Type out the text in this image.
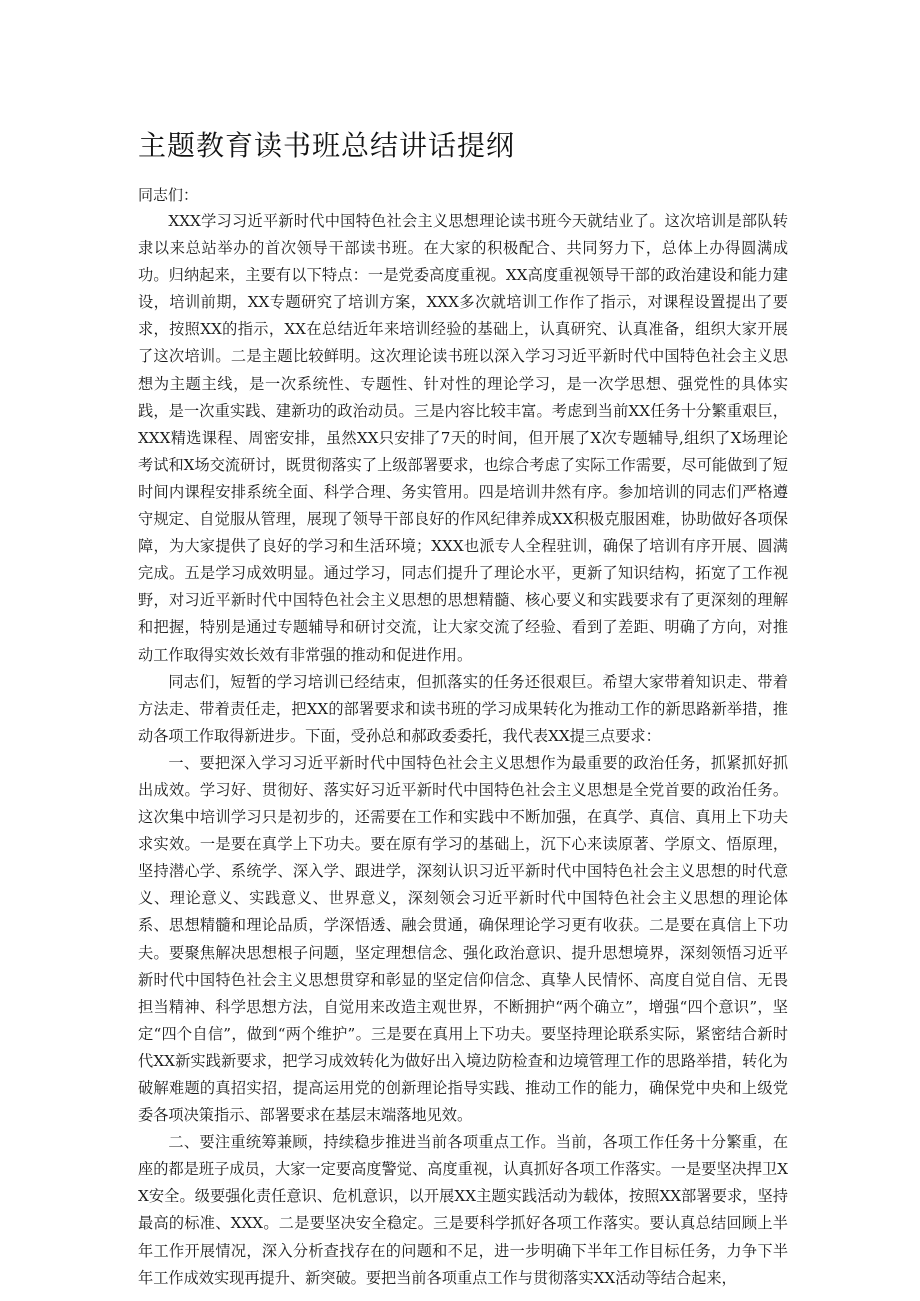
主题教育读书班总结讲话提纲

同志们：

XXX学习习近平新时代中国特色社会主义思想理论读书班今天就结业了。这次培训是部队转隶以来总站举办的首次领导干部读书班。在大家的积极配合、共同努力下，总体上办得圆满成功。归纳起来，主要有以下特点：一是党委高度重视。XX高度重视领导干部的政治建设和能力建设，培训前期，XX专题研究了培训方案，XXX多次就培训工作作了指示，对课程设置提出了要求，按照XX的指示，XX在总结近年来培训经验的基础上，认真研究、认真准备，组织大家开展了这次培训。二是主题比较鲜明。这次理论读书班以深入学习习近平新时代中国特色社会主义思想为主题主线，是一次系统性、专题性、针对性的理论学习，是一次学思想、强党性的具体实践，是一次重实践、建新功的政治动员。三是内容比较丰富。考虑到当前XX任务十分繁重艰巨，XXX精选课程、周密安排，虽然XX只安排了7天的时间，但开展了X次专题辅导,组织了X场理论考试和X场交流研讨，既贯彻落实了上级部署要求，也综合考虑了实际工作需要，尽可能做到了短时间内课程安排系统全面、科学合理、务实管用。四是培训井然有序。参加培训的同志们严格遵守规定、自觉服从管理，展现了领导干部良好的作风纪律养成XX积极克服困难，协助做好各项保障，为大家提供了良好的学习和生活环境；XXX也派专人全程驻训，确保了培训有序开展、圆满完成。五是学习成效明显。通过学习，同志们提升了理论水平，更新了知识结构，拓宽了工作视野，对习近平新时代中国特色社会主义思想的思想精髓、核心要义和实践要求有了更深刻的理解和把握，特别是通过专题辅导和研讨交流，让大家交流了经验、看到了差距、明确了方向，对推动工作取得实效长效有非常强的推动和促进作用。

同志们，短暂的学习培训已经结束，但抓落实的任务还很艰巨。希望大家带着知识走、带着方法走、带着责任走，把XX的部署要求和读书班的学习成果转化为推动工作的新思路新举措，推动各项工作取得新进步。下面，受孙总和郝政委委托，我代表XX提三点要求：

一、要把深入学习习近平新时代中国特色社会主义思想作为最重要的政治任务，抓紧抓好抓出成效。学习好、贯彻好、落实好习近平新时代中国特色社会主义思想是全党首要的政治任务。这次集中培训学习只是初步的，还需要在工作和实践中不断加强，在真学、真信、真用上下功夫求实效。一是要在真学上下功夫。要在原有学习的基础上，沉下心来读原著、学原文、悟原理，坚持潜心学、系统学、深入学、跟进学，深刻认识习近平新时代中国特色社会主义思想的时代意义、理论意义、实践意义、世界意义，深刻领会习近平新时代中国特色社会主义思想的理论体系、思想精髓和理论品质，学深悟透、融会贯通，确保理论学习更有收获。二是要在真信上下功夫。要聚焦解决思想根子问题，坚定理想信念、强化政治意识、提升思想境界，深刻领悟习近平新时代中国特色社会主义思想贯穿和彰显的坚定信仰信念、真挚人民情怀、高度自觉自信、无畏担当精神、科学思想方法，自觉用来改造主观世界，不断拥护“两个确立”，增强“四个意识”，坚定“四个自信”，做到“两个维护”。三是要在真用上下功夫。要坚持理论联系实际，紧密结合新时代XX新实践新要求，把学习成效转化为做好出入境边防检查和边境管理工作的思路举措，转化为破解难题的真招实招，提高运用党的创新理论指导实践、推动工作的能力，确保党中央和上级党委各项决策指示、部署要求在基层末端落地见效。

二、要注重统筹兼顾，持续稳步推进当前各项重点工作。当前，各项工作任务十分繁重，在座的都是班子成员，大家一定要高度警觉、高度重视，认真抓好各项工作落实。一是要坚决捍卫XX安全。级要强化责任意识、危机意识，以开展XX主题实践活动为载体，按照XX部署要求，坚持最高的标准、XXX。二是要坚决安全稳定。三是要科学抓好各项工作落实。要认真总结回顾上半年工作开展情况，深入分析查找存在的问题和不足，进一步明确下半年工作目标任务，力争下半年工作成效实现再提升、新突破。要把当前各项重点工作与贯彻落实XX活动等结合起来，
